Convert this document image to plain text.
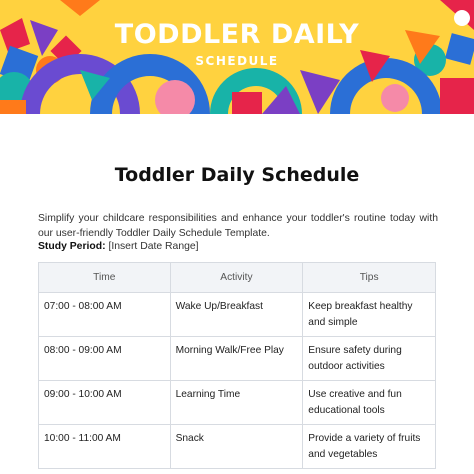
TODDLER DAILY
SCHEDULE
Toddler Daily Schedule

Simplify your childcare responsibilities and enhance your toddler's routine today with our user-friendly Toddler Daily Schedule Template.

Study Period: [Insert Date Range]

Time	Activity	Tips
07:00 - 08:00 AM	Wake Up/Breakfast	Keep breakfast healthy and simple
08:00 - 09:00 AM	Morning Walk/Free Play	Ensure safety during outdoor activities
09:00 - 10:00 AM	Learning Time	Use creative and fun educational tools
10:00 - 11:00 AM	Snack	Provide a variety of fruits and vegetables
